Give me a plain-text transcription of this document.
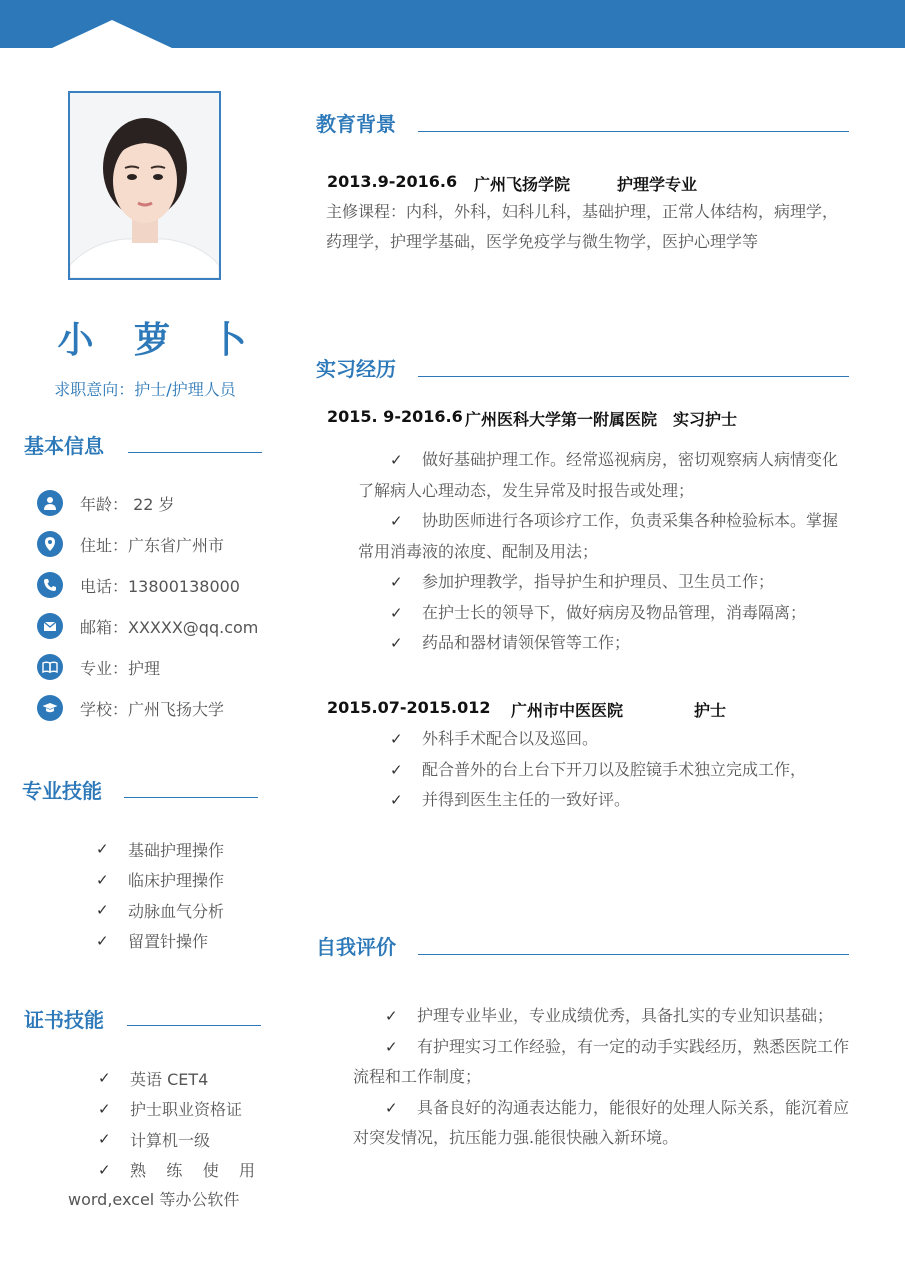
小 萝 卜
求职意向：护士/护理人员
基本信息
年龄： 22 岁
住址：广东省广州市
电话：13800138000
邮箱：XXXXX@qq.com
专业：护理
学校：广州飞扬大学
专业技能
✓	基础护理操作
✓	临床护理操作
✓	动脉血气分析
✓	留置针操作
证书技能
✓	英语 CET4
✓	护士职业资格证
✓	计算机一级
✓	熟    练    使    用
word,excel 等办公软件
教育背景
2013.9-2016.6 广州飞扬学院	护理学专业
主修课程：内科，外科，妇科儿科，基础护理，正常人体结构，病理学，药理学，护理学基础，医学免疫学与微生物学，医护心理学等
实习经历
2015. 9-2016.6 广州医科大学第一附属医院 实习护士
✓ 做好基础护理工作。经常巡视病房，密切观察病人病情变化了解病人心理动态，发生异常及时报告或处理；
✓ 协助医师进行各项诊疗工作，负责采集各种检验标本。掌握常用消毒液的浓度、配制及用法；
✓ 参加护理教学，指导护生和护理员、卫生员工作；
✓ 在护士长的领导下，做好病房及物品管理，消毒隔离；
✓ 药品和器材请领保管等工作；
2015.07-2015.012 广州市中医医院	护士
✓ 外科手术配合以及巡回。
✓ 配合普外的台上台下开刀以及腔镜手术独立完成工作，
✓ 并得到医生主任的一致好评。
自我评价
✓ 护理专业毕业，专业成绩优秀，具备扎实的专业知识基础；
✓ 有护理实习工作经验，有一定的动手实践经历，熟悉医院工作流程和工作制度；
✓ 具备良好的沟通表达能力，能很好的处理人际关系，能沉着应对突发情况，抗压能力强.能很快融入新环境。
